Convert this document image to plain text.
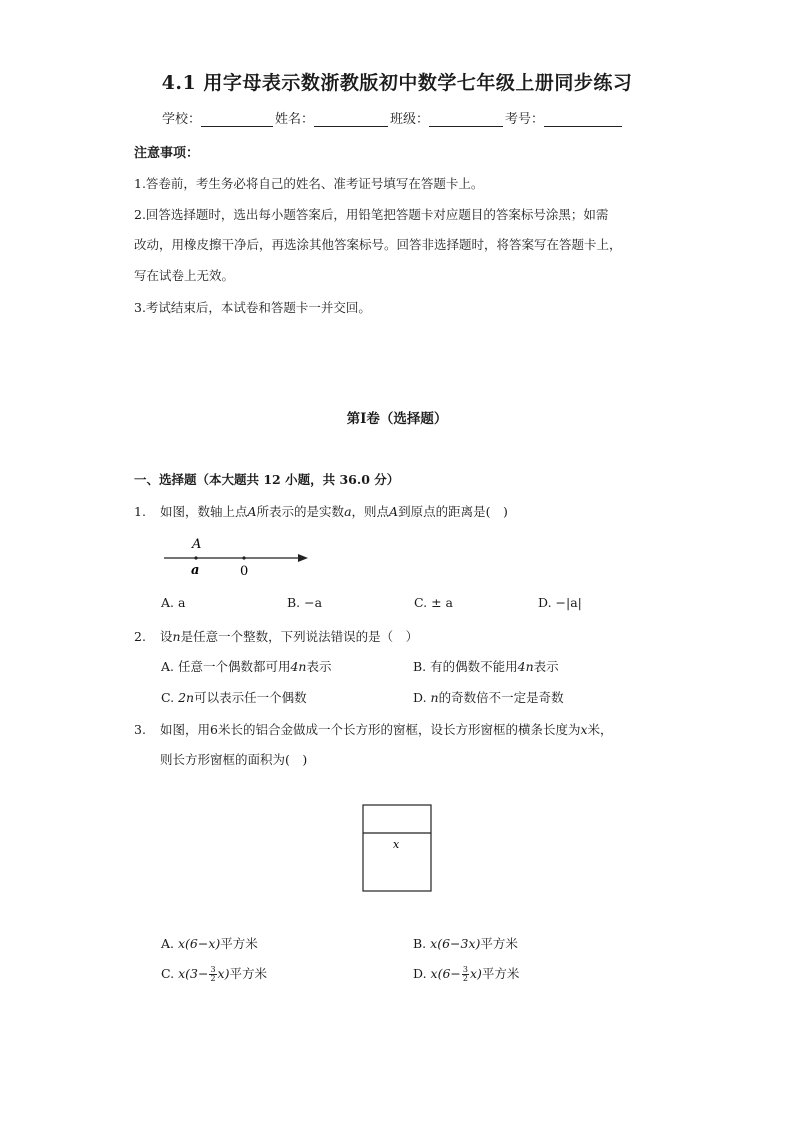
4.1 用字母表示数浙教版初中数学七年级上册同步练习
学校：	姓名：	班级：	考号：
注意事项：
1.答卷前，考生务必将自己的姓名、准考证号填写在答题卡上。
2.回答选择题时，选出每小题答案后，用铅笔把答题卡对应题目的答案标号涂黑；如需
改动，用橡皮擦干净后，再选涂其他答案标号。回答非选择题时，将答案写在答题卡上，
写在试卷上无效。
3.考试结束后，本试卷和答题卡一并交回。
第I卷（选择题）
一、选择题（本大题共 12 小题，共 36.0 分）
1. 如图，数轴上点A所表示的是实数a，则点A到原点的距离是(　)
A
a	0
A. a	B. −a	C. ± a	D. −|a|
2. 设n是任意一个整数，下列说法错误的是（　）
A. 任意一个偶数都可用4n表示	B. 有的偶数不能用4n表示
C. 2n可以表示任一个偶数	D. n的奇数倍不一定是奇数
3. 如图，用6米长的铝合金做成一个长方形的窗框，设长方形窗框的横条长度为x米，
则长方形窗框的面积为(　)
x
A. x(6−x)平方米	B. x(6−3x)平方米
C. $x(3- \frac{3}{2} x)$平方米	D. $x(6- \frac{3}{2} x)$平方米
